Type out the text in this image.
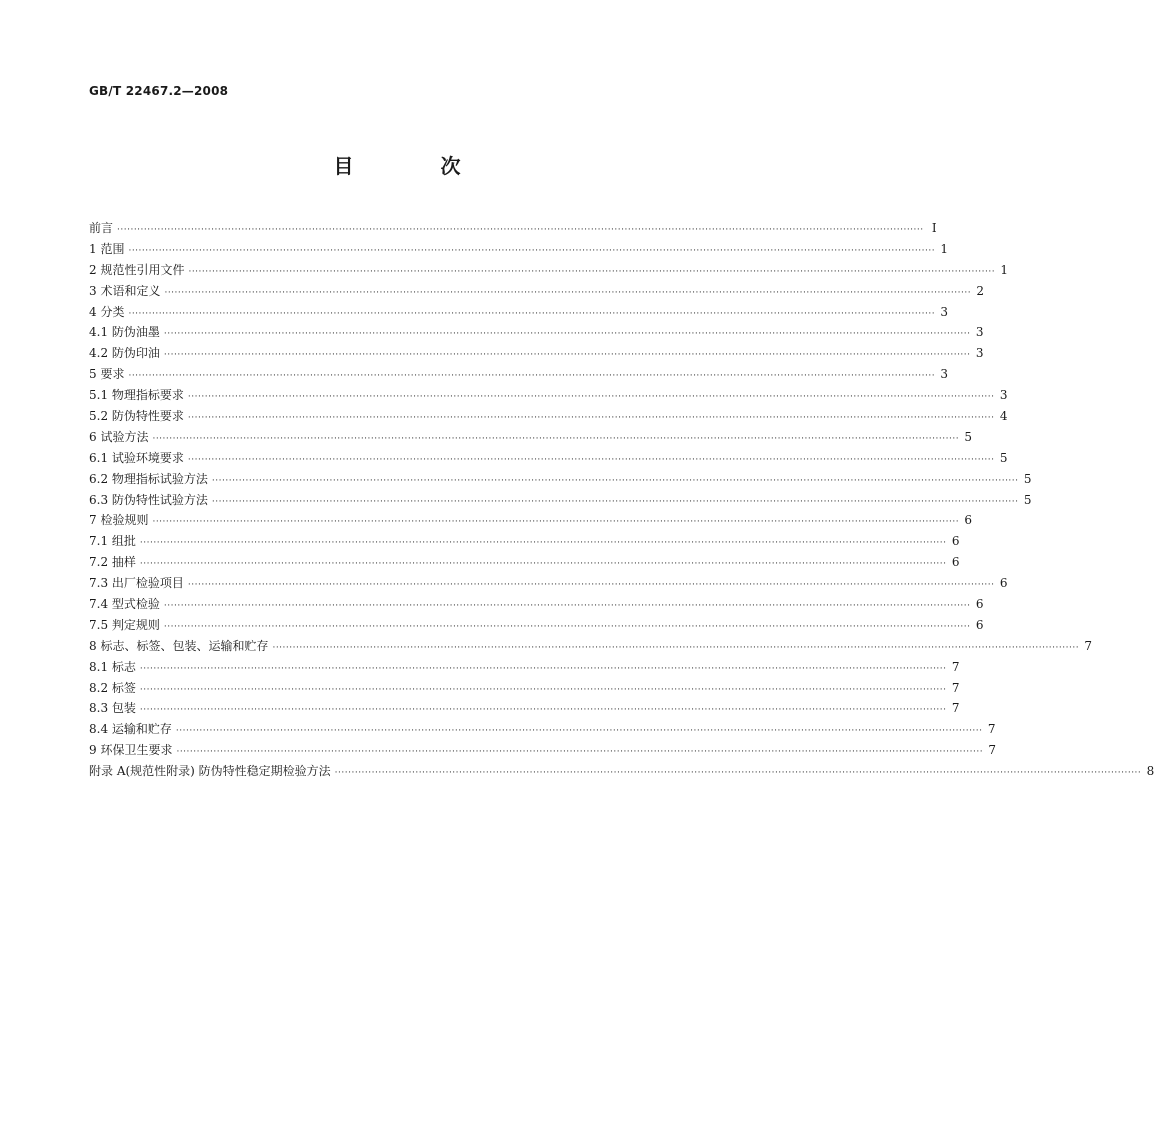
GB/T 22467.2—2008
目 次
前言 ················································································································································································································································ Ⅰ
1 范围 ················································································································································································································································ 1
2 规范性引用文件 ················································································································································································································································ 1
3 术语和定义 ················································································································································································································································ 2
4 分类 ················································································································································································································································ 3
4.1 防伪油墨 ················································································································································································································································ 3
4.2 防伪印油 ················································································································································································································································ 3
5 要求 ················································································································································································································································ 3
5.1 物理指标要求 ················································································································································································································································ 3
5.2 防伪特性要求 ················································································································································································································································ 4
6 试验方法 ················································································································································································································································ 5
6.1 试验环境要求 ················································································································································································································································ 5
6.2 物理指标试验方法 ················································································································································································································································ 5
6.3 防伪特性试验方法 ················································································································································································································································ 5
7 检验规则 ················································································································································································································································ 6
7.1 组批 ················································································································································································································································ 6
7.2 抽样 ················································································································································································································································ 6
7.3 出厂检验项目 ················································································································································································································································ 6
7.4 型式检验 ················································································································································································································································ 6
7.5 判定规则 ················································································································································································································································ 6
8 标志、标签、包装、运输和贮存 ················································································································································································································································ 7
8.1 标志 ················································································································································································································································ 7
8.2 标签 ················································································································································································································································ 7
8.3 包装 ················································································································································································································································ 7
8.4 运输和贮存 ················································································································································································································································ 7
9 环保卫生要求 ················································································································································································································································ 7
附录 A(规范性附录) 防伪特性稳定期检验方法 ················································································································································································································································ 8
